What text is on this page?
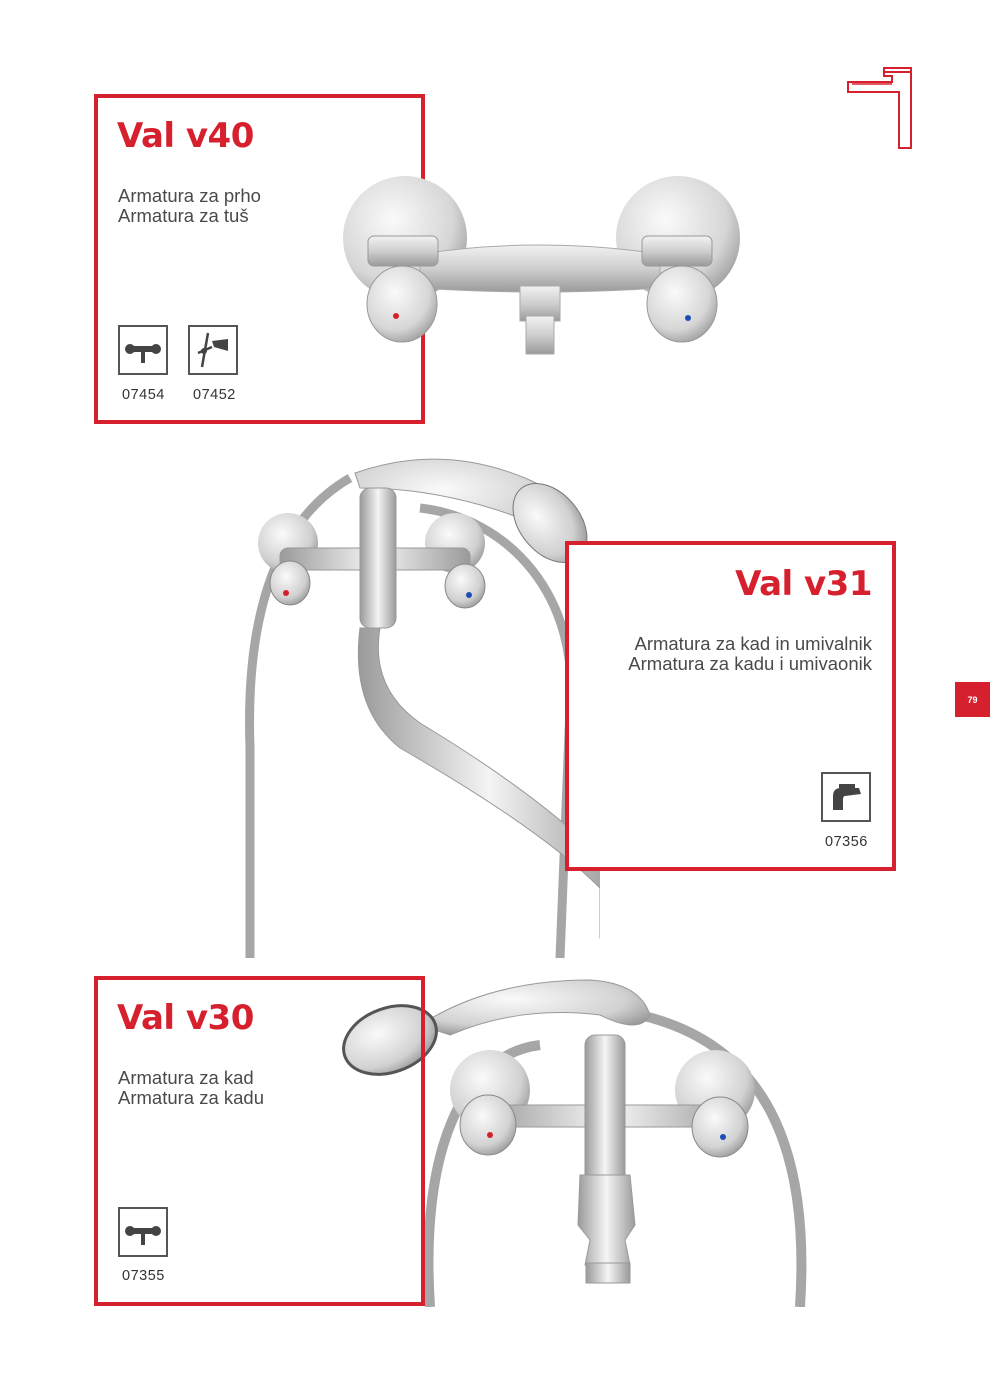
Val v40
Armatura za prho
Armatura za tuš
07454 07452
Val v31
Armatura za kad in umivalnik
Armatura za kadu i umivaonik
07356
79
Val v30
Armatura za kad
Armatura za kadu
07355
